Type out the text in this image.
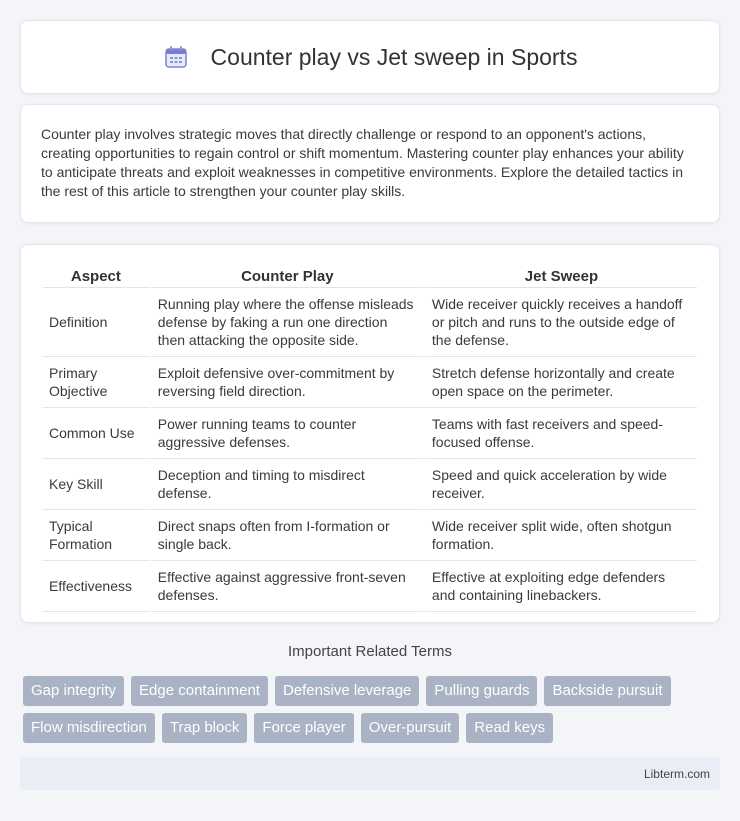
Counter play vs Jet sweep in Sports

Counter play involves strategic moves that directly challenge or respond to an opponent's actions, creating opportunities to regain control or shift momentum. Mastering counter play enhances your ability to anticipate threats and exploit weaknesses in competitive environments. Explore the detailed tactics in the rest of this article to strengthen your counter play skills.

Aspect	Counter Play	Jet Sweep
Definition	Running play where the offense misleads defense by faking a run one direction then attacking the opposite side.	Wide receiver quickly receives a handoff or pitch and runs to the outside edge of the defense.
Primary Objective	Exploit defensive over-commitment by reversing field direction.	Stretch defense horizontally and create open space on the perimeter.
Common Use	Power running teams to counter aggressive defenses.	Teams with fast receivers and speed-focused offense.
Key Skill	Deception and timing to misdirect defense.	Speed and quick acceleration by wide receiver.
Typical Formation	Direct snaps often from I-formation or single back.	Wide receiver split wide, often shotgun formation.
Effectiveness	Effective against aggressive front-seven defenses.	Effective at exploiting edge defenders and containing linebackers.
Important Related Terms
Gap integrity	Edge containment	Defensive leverage	Pulling guards	Backside pursuit
Flow misdirection	Trap block	Force player	Over-pursuit	Read keys
Libterm.com
